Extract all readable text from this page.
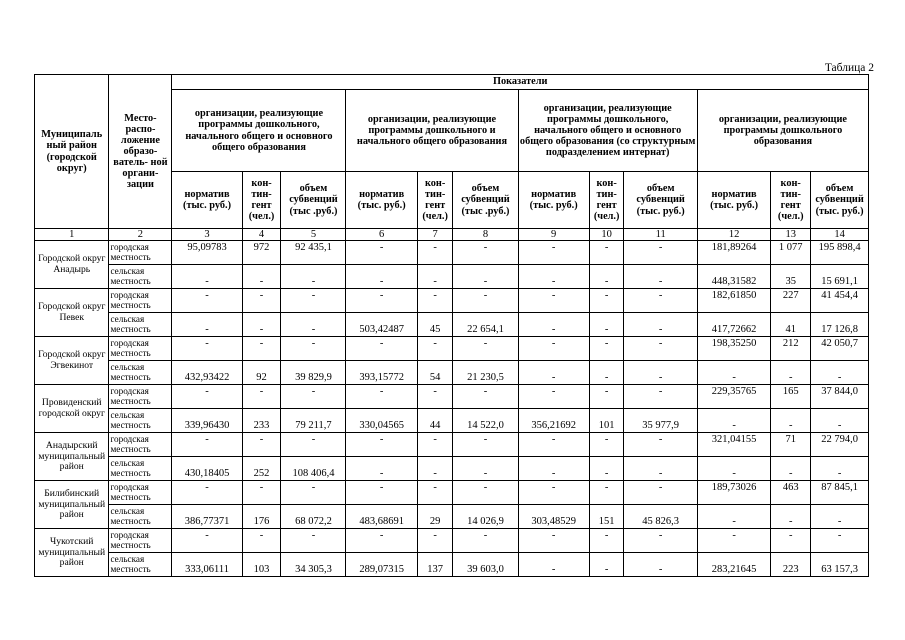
Таблица 2
Муниципаль ный район (городской округ)	Место- распо- ложение образо- ватель- ной органи- зации	Показатели											
		организации, реализующие программы дошкольного, начального общего и основного общего образования			организации, реализующие программы дошкольного и начального общего образования			организации, реализующие программы дошкольного, начального общего и основного общего образования (со структурным подразделением интернат)			организации, реализующие программы дошкольного образования		
		норматив (тыс. руб.)	кон- тин- гент (чел.)	объем субвенций (тыс .руб.)	норматив (тыс. руб.)	кон- тин- гент (чел.)	объем субвенций (тыс .руб.)	норматив (тыс. руб.)	кон- тин- гент (чел.)	объем субвенций (тыс. руб.)	норматив (тыс. руб.)	кон- тин- гент (чел.)	объем субвенций (тыс. руб.)
1	2	3	4	5	6	7	8	9	10	11	12	13	14
Городской округ Анадырь	городская местность	95,09783	972	92 435,1	-	-	-	-	-	-	181,89264	1 077	195 898,4
	сельская местность	-	-	-	-	-	-	-	-	-	448,31582	35	15 691,1
Городской округ Певек	городская местность	-	-	-	-	-	-	-	-	-	182,61850	227	41 454,4
	сельская местность	-	-	-	503,42487	45	22 654,1	-	-	-	417,72662	41	17 126,8
Городской округ Эгвекинот	городская местность	-	-	-	-	-	-	-	-	-	198,35250	212	42 050,7
	сельская местность	432,93422	92	39 829,9	393,15772	54	21 230,5	-	-	-	-	-	-
Провиденский городской округ	городская местность	-	-	-	-	-	-	-	-	-	229,35765	165	37 844,0
	сельская местность	339,96430	233	79 211,7	330,04565	44	14 522,0	356,21692	101	35 977,9	-	-	-
Анадырский муниципальный район	городская местность	-	-	-	-	-	-	-	-	-	321,04155	71	22 794,0
	сельская местность	430,18405	252	108 406,4	-	-	-	-	-	-	-	-	-
Билибинский муниципальный район	городская местность	-	-	-	-	-	-	-	-	-	189,73026	463	87 845,1
	сельская местность	386,77371	176	68 072,2	483,68691	29	14 026,9	303,48529	151	45 826,3	-	-	-
Чукотский муниципальный район	городская местность	-	-	-	-	-	-	-	-	-	-	-	-
	сельская местность	333,06111	103	34 305,3	289,07315	137	39 603,0	-	-	-	283,21645	223	63 157,3
